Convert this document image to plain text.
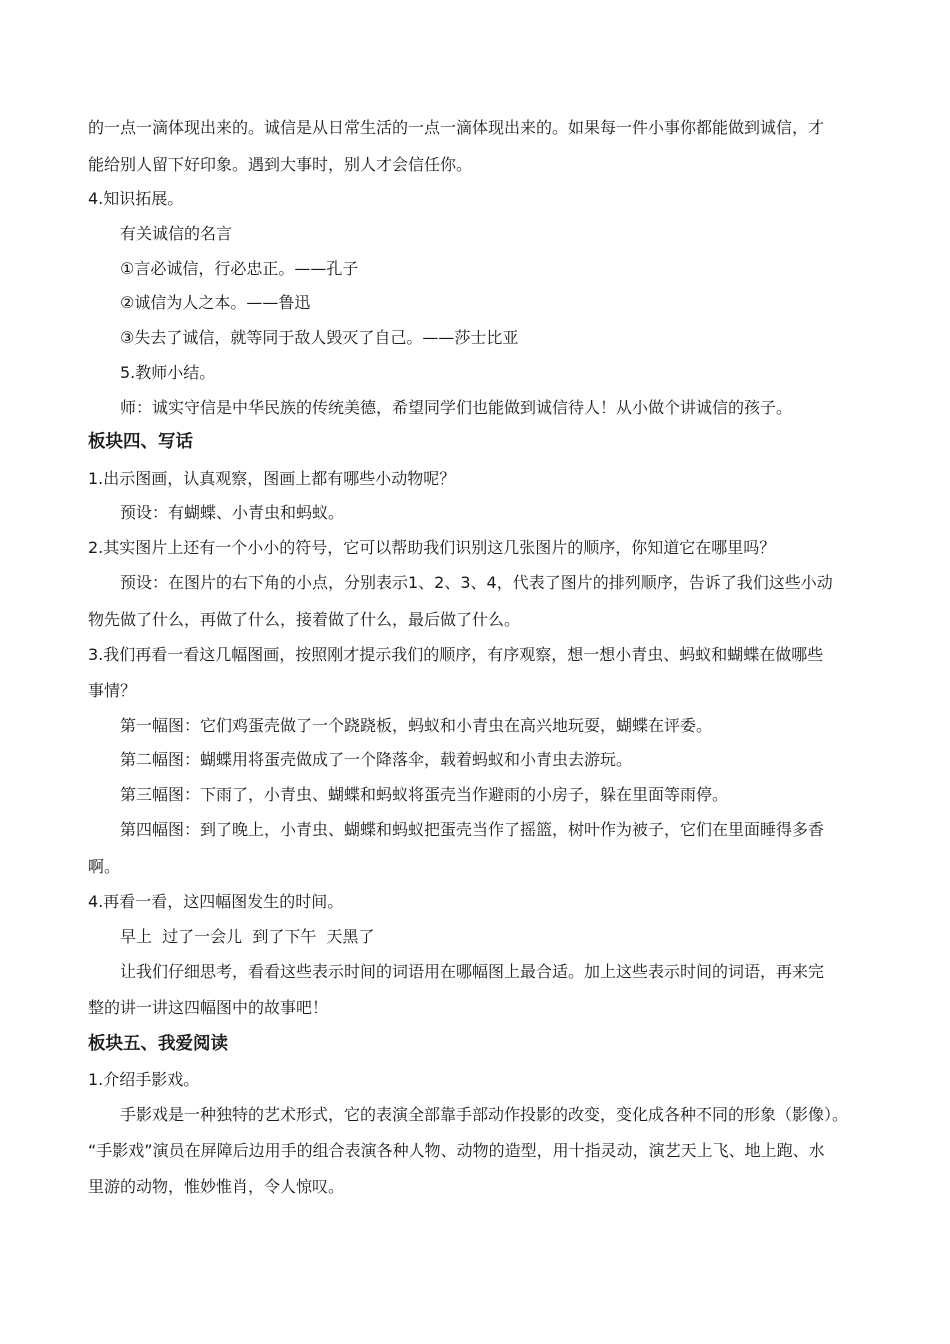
的一点一滴体现出来的。诚信是从日常生活的一点一滴体现出来的。如果每一件小事你都能做到诚信，才
能给别人留下好印象。遇到大事时，别人才会信任你。
4.知识拓展。
有关诚信的名言
①言必诚信，行必忠正。——孔子
②诚信为人之本。——鲁迅
③失去了诚信，就等同于敌人毁灭了自己。——莎士比亚
5.教师小结。
师：诚实守信是中华民族的传统美德，希望同学们也能做到诚信待人！从小做个讲诚信的孩子。
板块四、写话
1.出示图画，认真观察，图画上都有哪些小动物呢？
预设：有蝴蝶、小青虫和蚂蚁。
2.其实图片上还有一个小小的符号，它可以帮助我们识别这几张图片的顺序，你知道它在哪里吗？
预设：在图片的右下角的小点，分别表示1、2、3、4，代表了图片的排列顺序，告诉了我们这些小动
物先做了什么，再做了什么，接着做了什么，最后做了什么。
3.我们再看一看这几幅图画，按照刚才提示我们的顺序，有序观察，想一想小青虫、蚂蚁和蝴蝶在做哪些
事情？
第一幅图：它们鸡蛋壳做了一个跷跷板，蚂蚁和小青虫在高兴地玩耍，蝴蝶在评委。
第二幅图：蝴蝶用将蛋壳做成了一个降落伞，载着蚂蚁和小青虫去游玩。
第三幅图：下雨了，小青虫、蝴蝶和蚂蚁将蛋壳当作避雨的小房子，躲在里面等雨停。
第四幅图：到了晚上，小青虫、蝴蝶和蚂蚁把蛋壳当作了摇篮，树叶作为被子，它们在里面睡得多香
啊。
4.再看一看，这四幅图发生的时间。
早上  过了一会儿  到了下午  天黑了
让我们仔细思考，看看这些表示时间的词语用在哪幅图上最合适。加上这些表示时间的词语，再来完
整的讲一讲这四幅图中的故事吧！
板块五、我爱阅读
1.介绍手影戏。
手影戏是一种独特的艺术形式，它的表演全部靠手部动作投影的改变，变化成各种不同的形象（影像）。
“手影戏”演员在屏障后边用手的组合表演各种人物、动物的造型，用十指灵动，演艺天上飞、地上跑、水
里游的动物，惟妙惟肖，令人惊叹。
